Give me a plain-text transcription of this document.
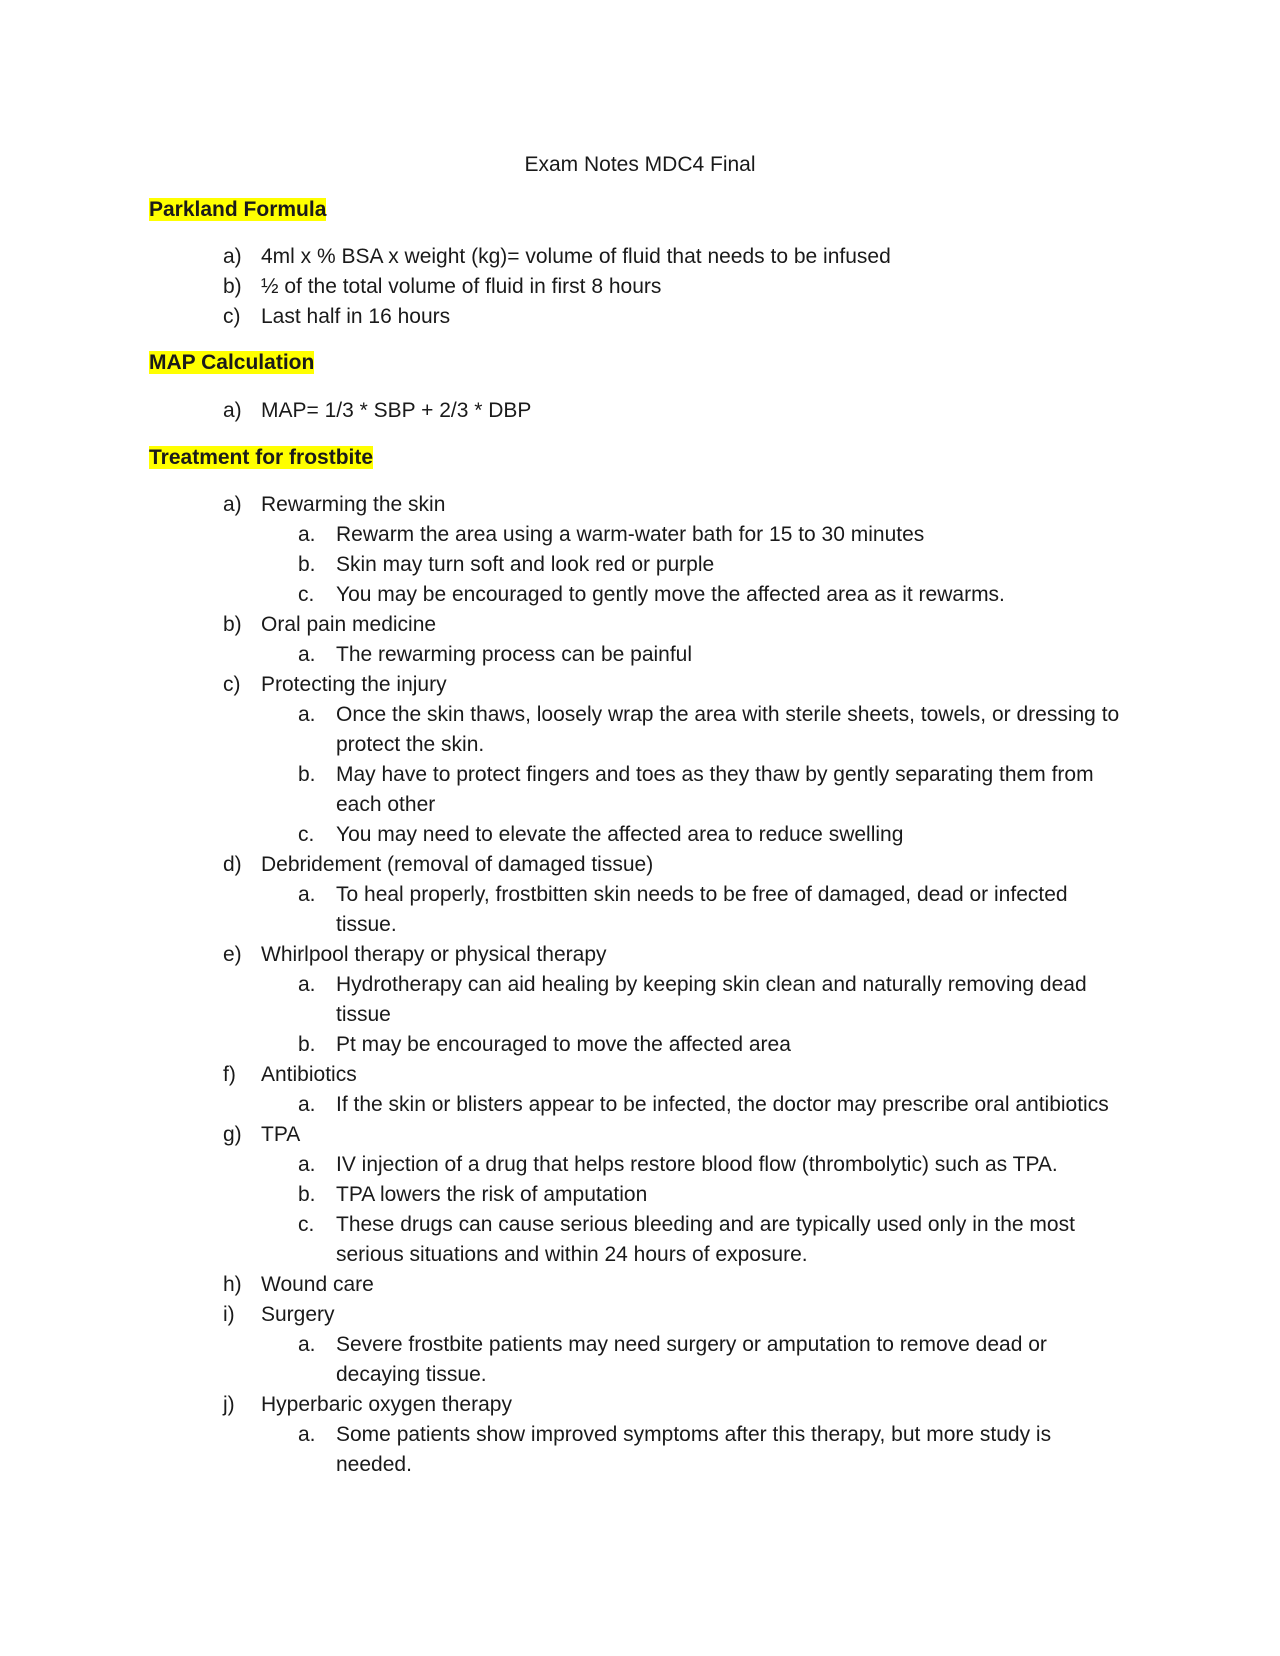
Exam Notes MDC4 Final
Parkland Formula
a) 4ml x % BSA x weight (kg)= volume of fluid that needs to be infused
b) ½ of the total volume of fluid in first 8 hours
c) Last half in 16 hours
MAP Calculation
a) MAP= 1/3 * SBP + 2/3 * DBP
Treatment for frostbite
a) Rewarming the skin
a. Rewarm the area using a warm-water bath for 15 to 30 minutes
b. Skin may turn soft and look red or purple
c. You may be encouraged to gently move the affected area as it rewarms.
b) Oral pain medicine
a. The rewarming process can be painful
c) Protecting the injury
a. Once the skin thaws, loosely wrap the area with sterile sheets, towels, or dressing to protect the skin.
b. May have to protect fingers and toes as they thaw by gently separating them from each other
c. You may need to elevate the affected area to reduce swelling
d) Debridement (removal of damaged tissue)
a. To heal properly, frostbitten skin needs to be free of damaged, dead or infected tissue.
e) Whirlpool therapy or physical therapy
a. Hydrotherapy can aid healing by keeping skin clean and naturally removing dead tissue
b. Pt may be encouraged to move the affected area
f) Antibiotics
a. If the skin or blisters appear to be infected, the doctor may prescribe oral antibiotics
g) TPA
a. IV injection of a drug that helps restore blood flow (thrombolytic) such as TPA.
b. TPA lowers the risk of amputation
c. These drugs can cause serious bleeding and are typically used only in the most serious situations and within 24 hours of exposure.
h) Wound care
i) Surgery
a. Severe frostbite patients may need surgery or amputation to remove dead or decaying tissue.
j) Hyperbaric oxygen therapy
a. Some patients show improved symptoms after this therapy, but more study is needed.
